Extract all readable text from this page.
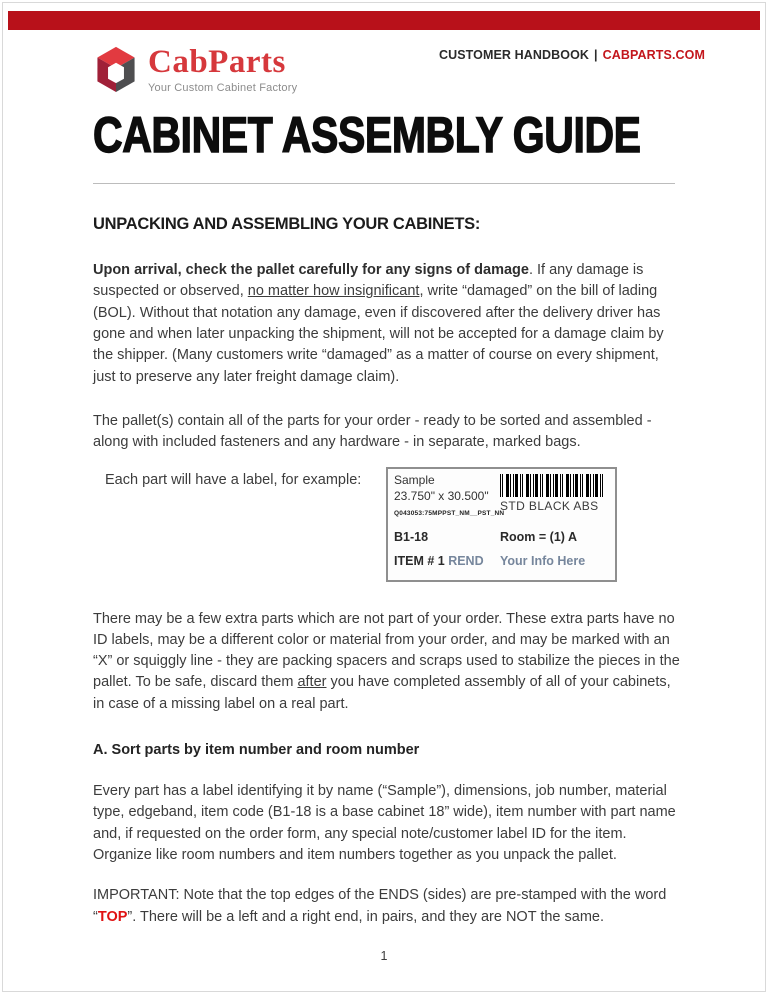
CabParts
Your Custom Cabinet Factory
CUSTOMER HANDBOOK | CABPARTS.COM
CABINET ASSEMBLY GUIDE
UNPACKING AND ASSEMBLING YOUR CABINETS:

Upon arrival, check the pallet carefully for any signs of damage. If any damage is suspected or observed, no matter how insignificant, write “damaged” on the bill of lading (BOL). Without that notation any damage, even if discovered after the delivery driver has gone and when later unpacking the shipment, will not be accepted for a damage claim by the shipper. (Many customers write “damaged” as a matter of course on every shipment, just to preserve any later freight damage claim).

The pallet(s) contain all of the parts for your order - ready to be sorted and assembled - along with included fasteners and any hardware - in separate, marked bags.

Each part will have a label, for example:	Sample
23.750" x 30.500"
Q043053:75MPPST_NM__PST_NN
STD BLACK ABS
B1-18	Room = (1) A
ITEM # 1 REND	Your Info Here

There may be a few extra parts which are not part of your order. These extra parts have no ID labels, may be a different color or material from your order, and may be marked with an “X” or squiggly line - they are packing spacers and scraps used to stabilize the pieces in the pallet. To be safe, discard them after you have completed assembly of all of your cabinets, in case of a missing label on a real part.

A. Sort parts by item number and room number

Every part has a label identifying it by name (“Sample”), dimensions, job number, material type, edgeband, item code (B1-18 is a base cabinet 18” wide), item number with part name and, if requested on the order form, any special note/customer label ID for the item. Organize like room numbers and item numbers together as you unpack the pallet.

IMPORTANT: Note that the top edges of the ENDS (sides) are pre-stamped with the word “TOP”. There will be a left and a right end, in pairs, and they are NOT the same.

1
